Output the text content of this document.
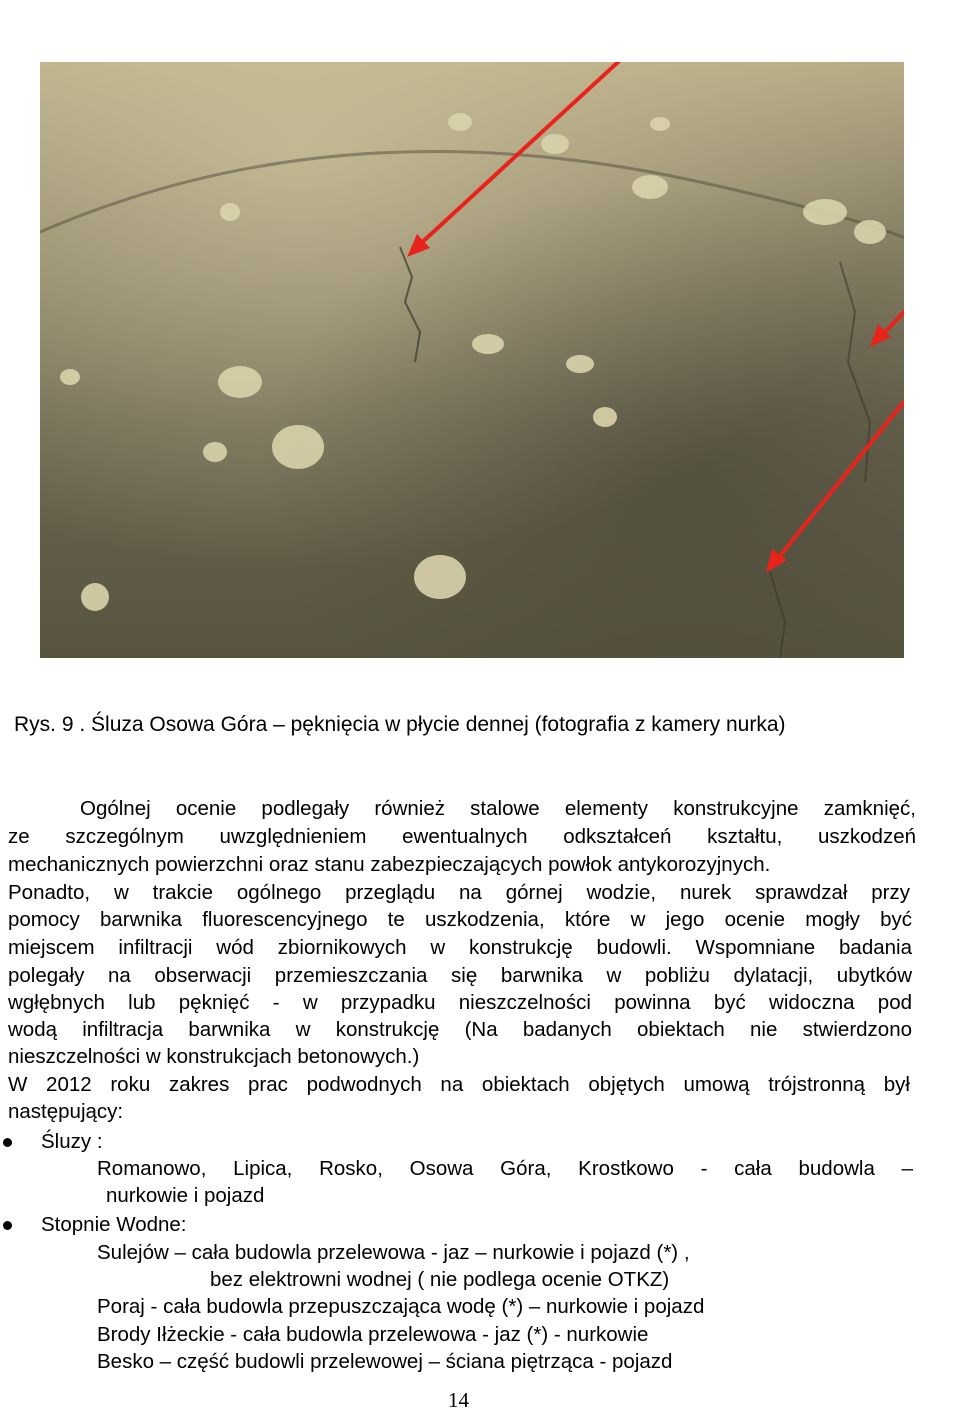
Rys. 9 . Śluza Osowa Góra – pęknięcia w płycie dennej (fotografia z kamery nurka)
Ogólnej ocenie podlegały również stalowe elementy konstrukcyjne zamknięć,
ze szczególnym uwzględnieniem ewentualnych odkształceń kształtu, uszkodzeń
mechanicznych powierzchni oraz stanu zabezpieczających powłok antykorozyjnych.
Ponadto, w trakcie ogólnego przeglądu na górnej wodzie, nurek sprawdzał przy
pomocy barwnika fluorescencyjnego te uszkodzenia, które w jego ocenie mogły być
miejscem infiltracji wód zbiornikowych w konstrukcję budowli. Wspomniane badania
polegały na obserwacji przemieszczania się barwnika w pobliżu dylatacji, ubytków
wgłębnych lub pęknięć - w przypadku nieszczelności powinna być widoczna pod
wodą infiltracja barwnika w konstrukcję (Na badanych obiektach nie stwierdzono
nieszczelności w konstrukcjach betonowych.)
W 2012 roku zakres prac podwodnych na obiektach objętych umową trójstronną był
następujący:
Śluzy :
Romanowo, Lipica, Rosko, Osowa Góra, Krostkowo - cała budowla –
nurkowie i pojazd
Stopnie Wodne:
Sulejów – cała budowla przelewowa - jaz – nurkowie i pojazd (*) ,
bez elektrowni wodnej ( nie podlega ocenie OTKZ)
Poraj - cała budowla przepuszczająca wodę (*) – nurkowie i pojazd
Brody Iłżeckie - cała budowla przelewowa - jaz (*) - nurkowie
Besko – część budowli przelewowej – ściana piętrząca - pojazd
14
